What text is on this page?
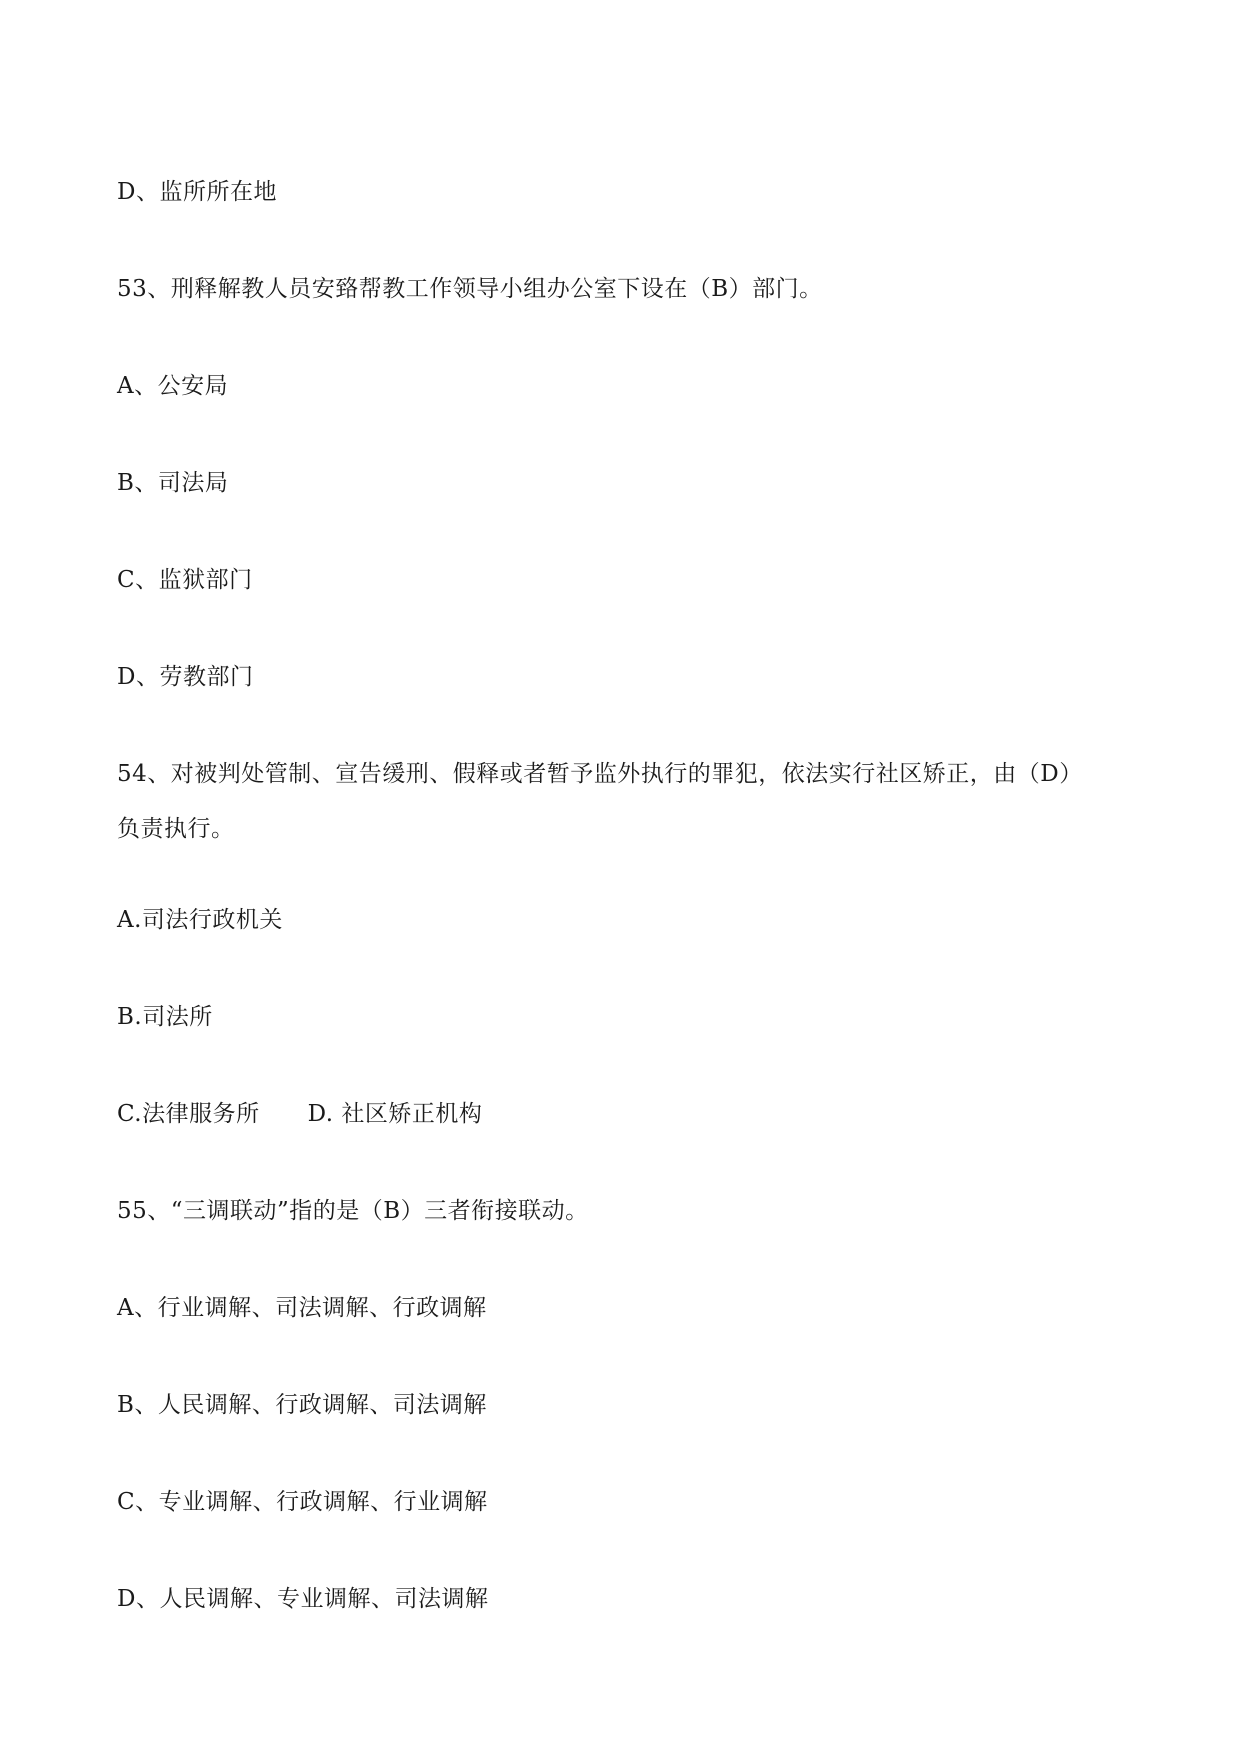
D、监所所在地
53、刑释解教人员安臵帮教工作领导小组办公室下设在（B）部门。
A、公安局
B、司法局
C、监狱部门
D、劳教部门
54、对被判处管制、宣告缓刑、假释或者暂予监外执行的罪犯，依法实行社区矫正，由（D）
负责执行。
A.司法行政机关
B.司法所
C.法律服务所 D. 社区矫正机构
55、“三调联动”指的是（B）三者衔接联动。
A、行业调解、司法调解、行政调解
B、人民调解、行政调解、司法调解
C、专业调解、行政调解、行业调解
D、人民调解、专业调解、司法调解
